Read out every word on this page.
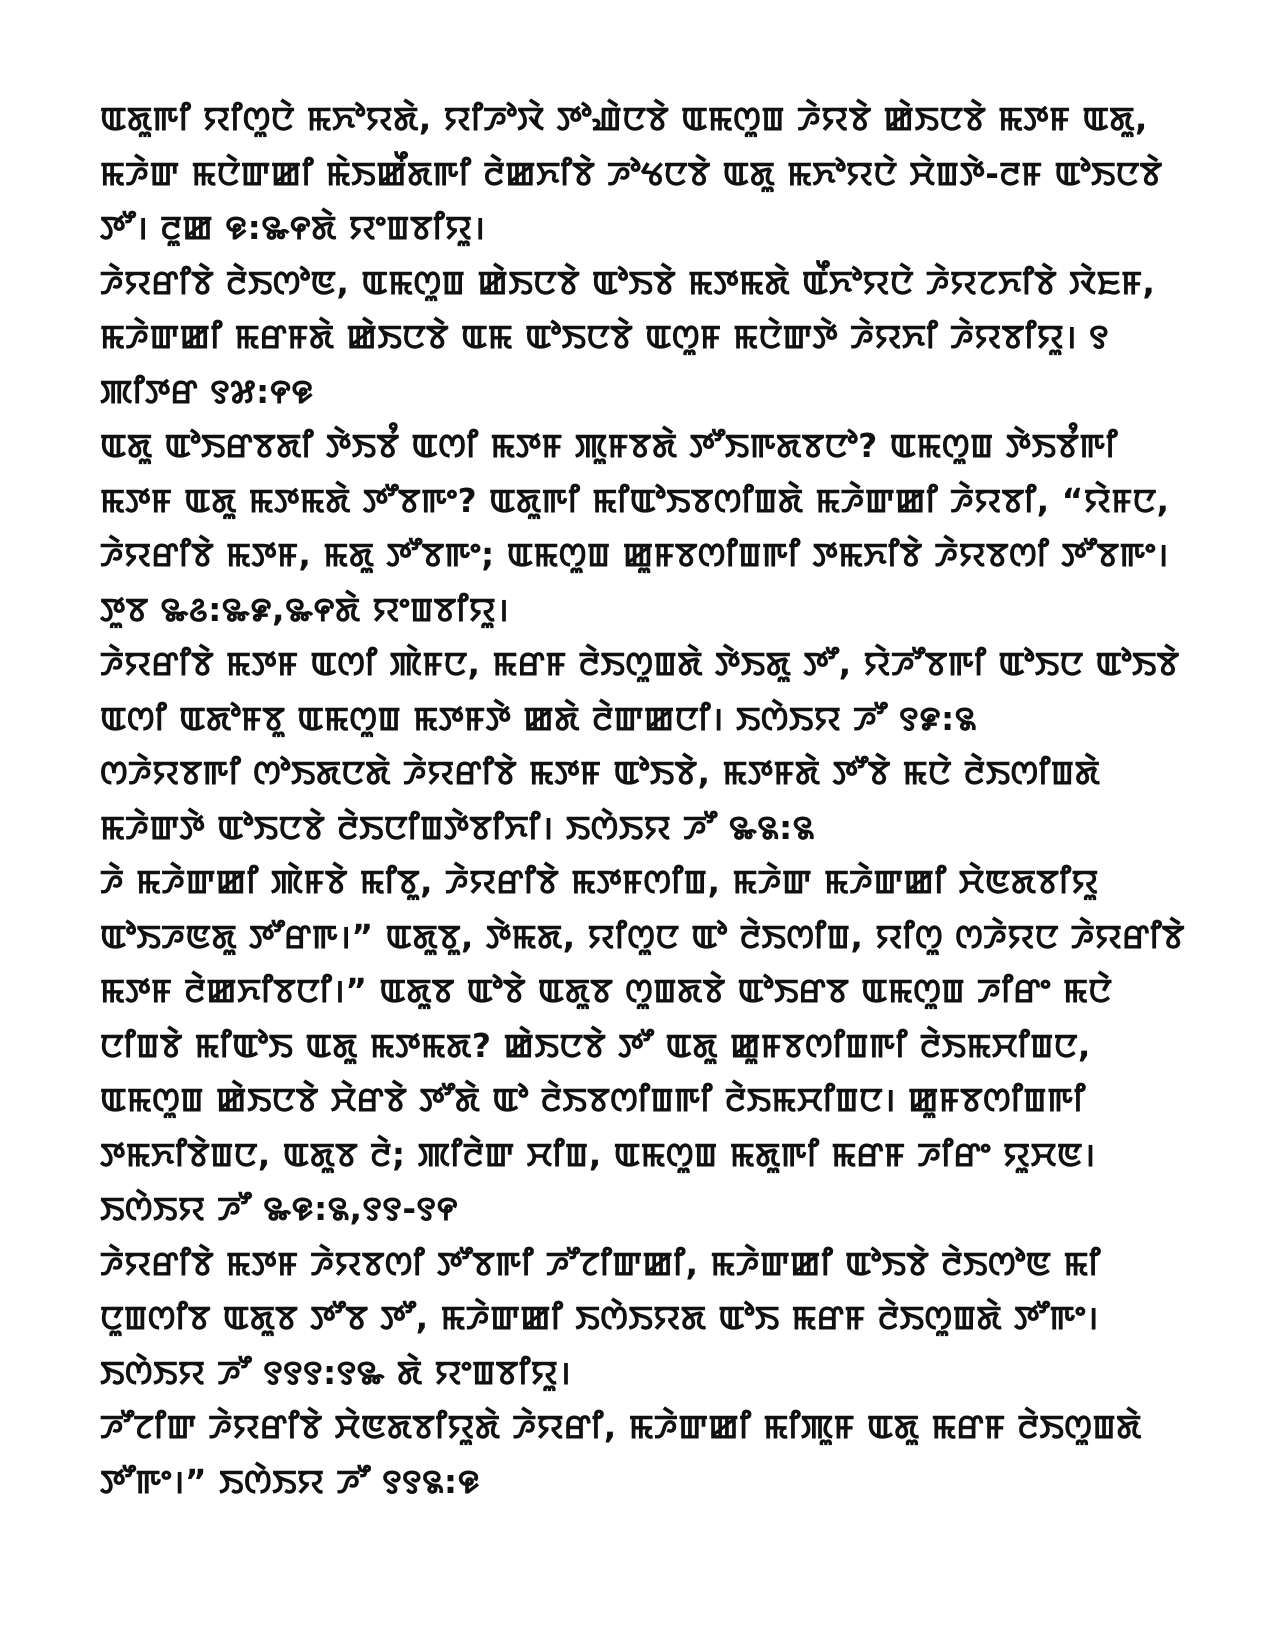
ꯑꯗꯨꯒꯤ ꯌꯤꯁꯨꯅꯥ ꯃꯈꯣꯌꯗꯥ, ꯌꯤꯍꯣꯋꯥ ꯇꯣꯉꯥꯅꯕꯥ ꯑꯃꯁꯨꯡ ꯍꯥꯌꯕꯥ ꯀꯥꯏꯅꯕꯥ ꯃꯇꯝ ꯑꯗꯨ, ꯃꯍꯥꯛ ꯃꯅꯥꯛꯀꯤ ꯃꯥꯏꯀꯩꯗꯒꯤ ꯂꯥꯀꯈꯤꯕꯥ ꯍꯣꯠꯅꯕꯥ ꯑꯗꯨ ꯃꯈꯣꯌꯅꯥ ꯆꯥꯡꯇꯥ-ꯂꯝ ꯑꯣꯏꯅꯕꯥ ꯇꯧ। ꯂꯨꯀ ꯶:꯳꯵ꯗꯥ ꯌꯦꯡꯕꯤꯌꯨ।

ꯍꯥꯌꯔꯤꯕꯥ ꯂꯥꯏꯁꯣꯟ, ꯑꯃꯁꯨꯡ ꯀꯥꯏꯅꯕꯥ ꯑꯣꯏꯕꯥ ꯃꯇꯃꯗꯥ ꯑꯩꯈꯣꯌꯅꯥ ꯍꯥꯌꯖꯈꯤꯕꯥ ꯋꯥꯐꯝ, ꯃꯍꯥꯛꯀꯤ ꯃꯔꯝꯗꯥ ꯀꯥꯏꯅꯕꯥ ꯑꯃ ꯑꯣꯏꯅꯕꯥ ꯑꯁꯨꯝ ꯃꯅꯥꯛꯇꯥ ꯍꯥꯌꯈꯤ ꯍꯥꯌꯕꯤꯌꯨ। ꯱ ꯄꯤꯇꯔ ꯱꯷:꯵꯶

ꯑꯗꯨ ꯑꯣꯏꯔꯕꯗꯤ ꯇꯥꯏꯕꯪ ꯑꯁꯤ ꯃꯇꯝ ꯄꯨꯝꯕꯗꯥ ꯇꯧꯏꯒꯗꯕꯅꯣ? ꯑꯃꯁꯨꯡ ꯇꯥꯏꯕꯪꯒꯤ ꯃꯇꯝ ꯑꯗꯨ ꯃꯇꯃꯗꯥ ꯇꯧꯕꯒꯦ? ꯑꯗꯨꯒꯤ ꯃꯤꯑꯣꯏꯕꯁꯤꯡꯗꯥ ꯃꯍꯥꯛꯀꯤ ꯍꯥꯌꯕꯤ, “ꯌꯥꯝꯅ, ꯍꯥꯌꯔꯤꯕꯥ ꯃꯇꯝ, ꯃꯗꯨ ꯇꯧꯕꯒꯦ; ꯑꯃꯁꯨꯡ ꯀꯨꯝꯕꯁꯤꯡꯒꯤ ꯇꯃꯈꯤꯕꯥ ꯍꯥꯌꯕꯁꯤ ꯇꯧꯕꯒꯦ। ꯇꯨꯕ ꯳꯴:꯳꯹,꯳꯵ꯗꯥ ꯌꯦꯡꯕꯤꯌꯨ।

ꯍꯥꯌꯔꯤꯕꯥ ꯃꯇꯝ ꯑꯁꯤ ꯄꯥꯝꯅ, ꯃꯔꯝ ꯂꯥꯏꯁꯨꯡꯗꯥ ꯇꯥꯏꯗꯨ ꯇꯧ, ꯌꯥꯍꯧꯕꯒꯤ ꯑꯣꯏꯅ ꯑꯣꯏꯕꯥ ꯑꯁꯤ ꯑꯗꯣꯝꯕꯨ ꯑꯃꯁꯨꯡ ꯃꯇꯝꯇꯥ ꯀꯗꯥ ꯂꯥꯛꯀꯅꯤ। ꯏꯁꯥꯏꯌ ꯍꯧ ꯱꯹:꯲

ꯁꯍꯥꯌꯕꯒꯤ ꯁꯣꯏꯗꯅꯗꯥ ꯍꯥꯌꯔꯤꯕꯥ ꯃꯇꯝ ꯑꯣꯏꯕꯥ, ꯃꯇꯝꯗꯥ ꯇꯧꯕꯥ ꯃꯅꯥ ꯂꯥꯏꯁꯤꯡꯗꯥ ꯃꯍꯥꯛꯇꯥ ꯑꯣꯏꯅꯕꯥ ꯂꯥꯏꯅꯤꯡꯇꯥꯕꯤꯈꯤ। ꯏꯁꯥꯏꯌ ꯍꯧ ꯳꯲:꯲

ꯍꯥ ꯃꯍꯥꯛꯀꯤ ꯄꯥꯝꯕꯥ ꯃꯤꯕꯨ, ꯍꯥꯌꯔꯤꯕꯥ ꯃꯇꯝꯁꯤꯡ, ꯃꯍꯥꯛ ꯃꯍꯥꯛꯀꯤ ꯆꯥꯟꯗꯕꯤꯌꯨ ꯑꯣꯏꯍꯟꯗꯨ ꯇꯧꯔꯒ।” ꯑꯗꯨꯕꯨ, ꯇꯥꯃꯗ, ꯌꯤꯁꯨꯅ ꯑꯣ ꯂꯥꯏꯁꯤꯡ, ꯌꯤꯁꯨ ꯁꯍꯥꯌꯅ ꯍꯥꯌꯔꯤꯕꯥ ꯃꯇꯝ ꯂꯥꯀꯈꯤꯕꯅꯤ।” ꯑꯗꯨꯕ ꯑꯣꯕꯥ ꯑꯗꯨꯕ ꯁꯨꯡꯗꯕꯥ ꯑꯣꯏꯔꯕ ꯑꯃꯁꯨꯡ ꯍꯤꯔꯦ ꯃꯅꯥ ꯅꯤꯡꯕꯥ ꯃꯤꯑꯣꯏ ꯑꯗꯨ ꯃꯇꯃꯗ? ꯀꯥꯏꯅꯕꯥ ꯇꯧ ꯑꯗꯨ ꯀꯨꯝꯕꯁꯤꯡꯒꯤ ꯂꯥꯏꯃꯆꯤꯡꯅ, ꯑꯃꯁꯨꯡ ꯀꯥꯏꯅꯕꯥ ꯆꯥꯔꯕꯥ ꯇꯧꯗꯥ ꯑꯣ ꯂꯥꯏꯕꯁꯤꯡꯒꯤ ꯂꯥꯏꯃꯆꯤꯡꯅ। ꯀꯨꯝꯕꯁꯤꯡꯒꯤ ꯇꯃꯈꯤꯕꯥꯡꯅ, ꯑꯗꯨꯕ ꯂꯥ; ꯄꯤꯂꯥꯛ ꯆꯤꯡ, ꯑꯃꯁꯨꯡ ꯃꯗꯨꯒꯤ ꯃꯔꯝ ꯍꯤꯔꯦ ꯌꯨꯆꯟ। ꯏꯁꯥꯏꯌ ꯍꯧ ꯳꯶:꯲,꯱꯱-꯱꯵

ꯍꯥꯌꯔꯤꯕꯥ ꯃꯇꯝ ꯍꯥꯌꯕꯁꯤ ꯇꯧꯕꯒꯤ ꯍꯧꯖꯤꯛꯀꯤ, ꯃꯍꯥꯛꯀꯤ ꯑꯣꯏꯕꯥ ꯂꯥꯏꯁꯣꯟ ꯃꯤ ꯅꯨꯡꯁꯤꯕ ꯑꯗꯨꯕ ꯇꯧꯕ ꯇꯧ, ꯃꯍꯥꯛꯀꯤ ꯏꯁꯥꯏꯌꯗ ꯑꯣꯏ ꯃꯔꯝ ꯂꯥꯏꯁꯨꯡꯗꯥ ꯇꯧꯒꯦ। ꯏꯁꯥꯏꯌ ꯍꯧ ꯱꯱꯱:꯱꯳ ꯗꯥ ꯌꯦꯡꯕꯤꯌꯨ।

ꯍꯧꯖꯤꯛ ꯍꯥꯌꯔꯤꯕꯥ ꯆꯥꯟꯗꯕꯤꯌꯨꯗꯥ ꯍꯥꯌꯔꯤ, ꯃꯍꯥꯛꯀꯤ ꯃꯤꯄꯨꯝ ꯑꯗꯨ ꯃꯔꯝ ꯂꯥꯏꯁꯨꯡꯗꯥ ꯇꯧꯒꯦ।” ꯏꯁꯥꯏꯌ ꯍꯧ ꯱꯱꯲:꯶
